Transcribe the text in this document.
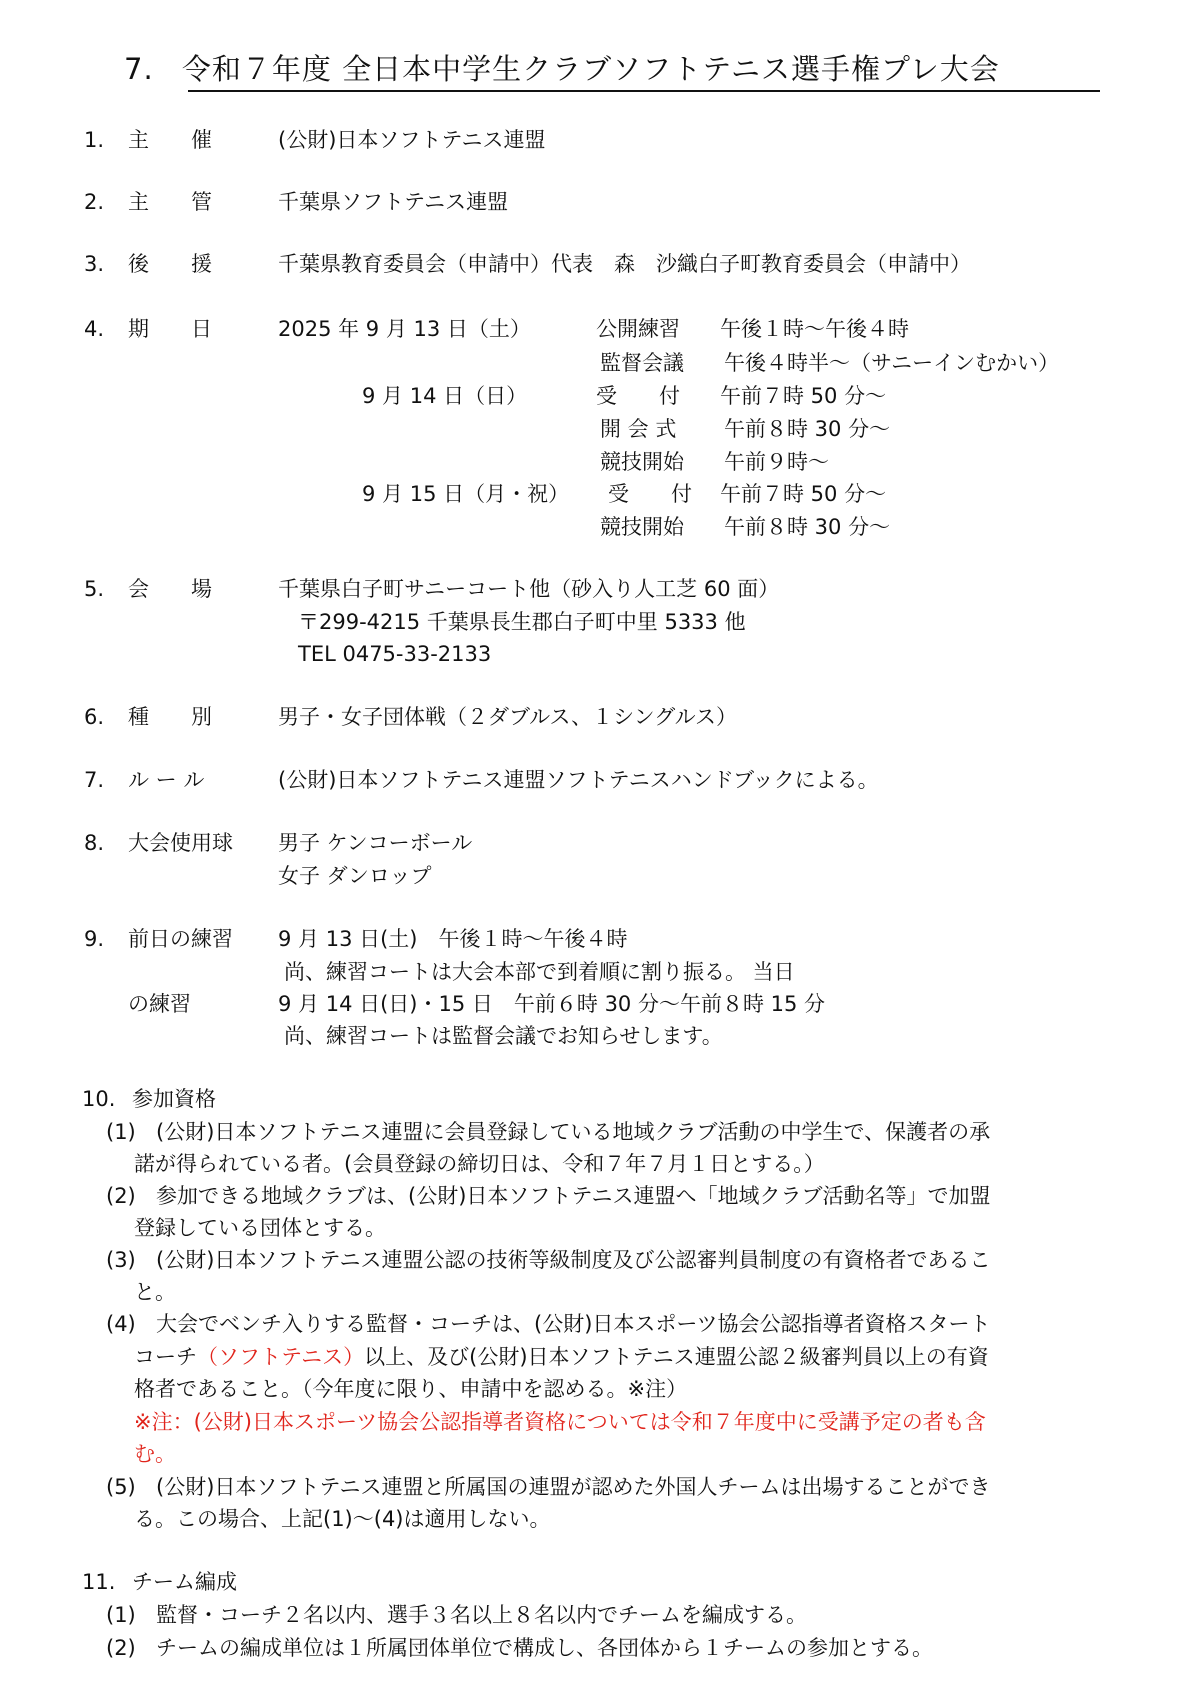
7. 令和７年度 全日本中学生クラブソフトテニス選手権プレ大会
1. 主　　催	(公財)日本ソフトテニス連盟
2. 主　　管	千葉県ソフトテニス連盟
3. 後　　援	千葉県教育委員会（申請中）代表　森　沙織白子町教育委員会（申請中）
4. 期　　日	2025 年 9 月 13 日（土）	公開練習 午後１時～午後４時
監督会議 午後４時半～（サニーインむかい）
9 月 14 日（日）	受　　付 午前７時 50 分～
開 会 式 午前８時 30 分～
競技開始 午前９時～
9 月 15 日（月・祝） 受　　付 午前７時 50 分～
競技開始 午前８時 30 分～
5. 会　　場	千葉県白子町サニーコート他（砂入り人工芝 60 面）
〒299-4215 千葉県長生郡白子町中里 5333 他
TEL 0475-33-2133
6. 種　　別	男子・女子団体戦（２ダブルス、１シングルス）
7. ル ー ル	(公財)日本ソフトテニス連盟ソフトテニスハンドブックによる。
8. 大会使用球 男子 ケンコーボール
女子 ダンロップ
9. 前日の練習 9 月 13 日(土)　午後１時～午後４時
尚、練習コートは大会本部で到着順に割り振る。 当日
の練習	9 月 14 日(日)・15 日　午前６時 30 分～午前８時 15 分
尚、練習コートは監督会議でお知らせします。
10. 参加資格
(1) (公財)日本ソフトテニス連盟に会員登録している地域クラブ活動の中学生で、保護者の承
諾が得られている者。(会員登録の締切日は、令和７年７月１日とする。）
(2) 参加できる地域クラブは、(公財)日本ソフトテニス連盟へ「地域クラブ活動名等」で加盟
登録している団体とする。
(3) (公財)日本ソフトテニス連盟公認の技術等級制度及び公認審判員制度の有資格者であるこ
と。
(4) 大会でベンチ入りする監督・コーチは、(公財)日本スポーツ協会公認指導者資格スタート
コーチ（ソフトテニス）以上、及び(公財)日本ソフトテニス連盟公認２級審判員以上の有資
格者であること。（今年度に限り、申請中を認める。※注）
※注：(公財)日本スポーツ協会公認指導者資格については令和７年度中に受講予定の者も含
む。
(5) (公財)日本ソフトテニス連盟と所属国の連盟が認めた外国人チームは出場することができ
る。この場合、上記(1)～(4)は適用しない。
11. チーム編成
(1) 監督・コーチ２名以内、選手３名以上８名以内でチームを編成する。
(2) チームの編成単位は１所属団体単位で構成し、各団体から１チームの参加とする。
